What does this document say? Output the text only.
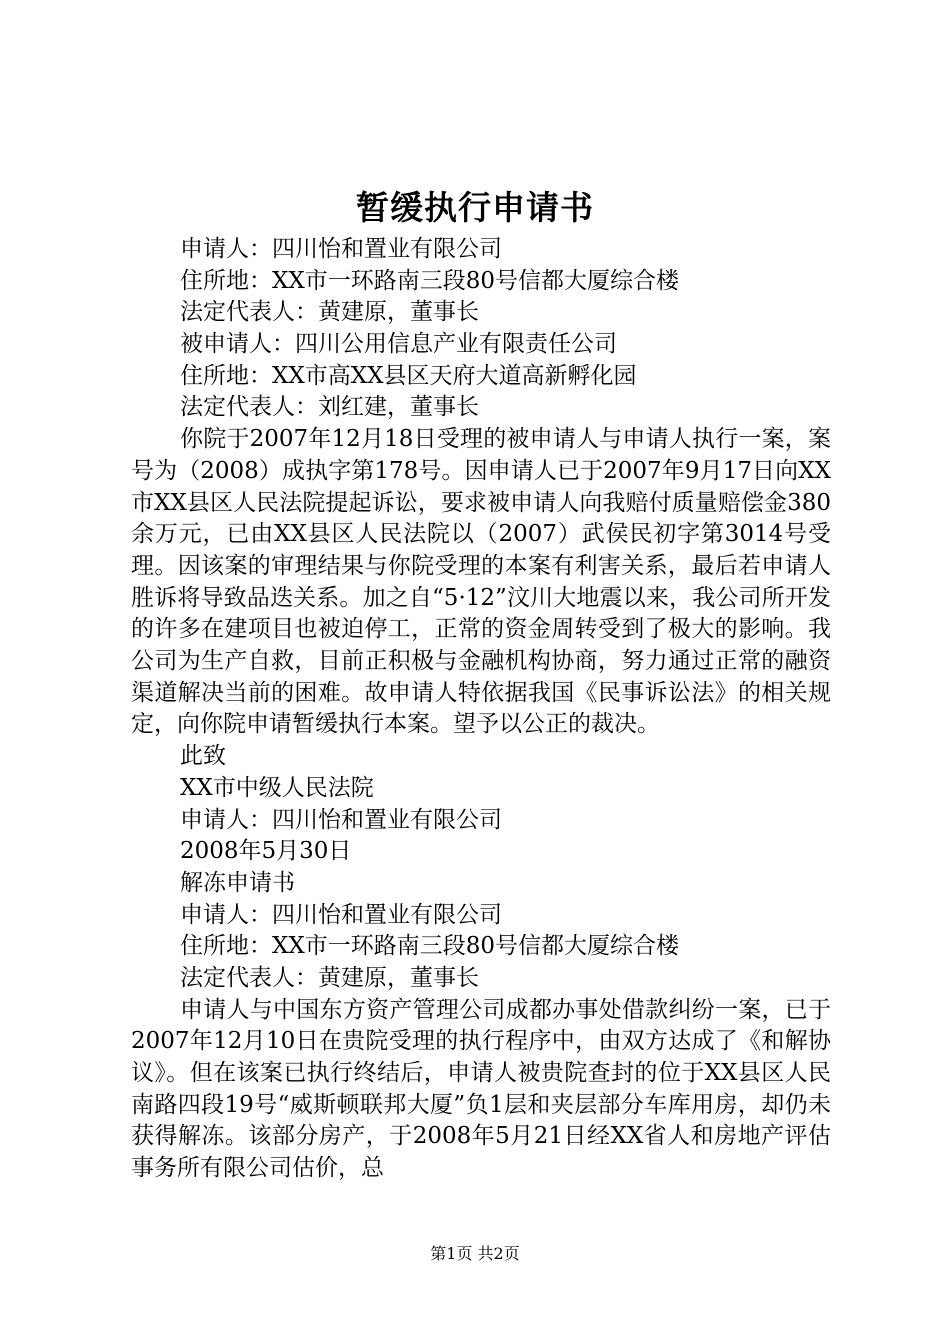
暂缓执行申请书
申请人：四川怡和置业有限公司
住所地：XX市一环路南三段80号信都大厦综合楼
法定代表人：黄建原，董事长
被申请人：四川公用信息产业有限责任公司
住所地：XX市高XX县区天府大道高新孵化园
法定代表人：刘红建，董事长

你院于2007年12月18日受理的被申请人与申请人执行一案，案号为（2008）成执字第178号。因申请人已于2007年9月17日向XX市XX县区人民法院提起诉讼，要求被申请人向我赔付质量赔偿金380余万元，已由XX县区人民法院以（2007）武侯民初字第3014号受理。因该案的审理结果与你院受理的本案有利害关系，最后若申请人胜诉将导致品迭关系。加之自“5·12”汶川大地震以来，我公司所开发的许多在建项目也被迫停工，正常的资金周转受到了极大的影响。我公司为生产自救，目前正积极与金融机构协商，努力通过正常的融资渠道解决当前的困难。故申请人特依据我国《民事诉讼法》的相关规定，向你院申请暂缓执行本案。望予以公正的裁决。

此致
XX市中级人民法院
申请人：四川怡和置业有限公司
2008年5月30日
解冻申请书
申请人：四川怡和置业有限公司
住所地：XX市一环路南三段80号信都大厦综合楼
法定代表人：黄建原，董事长

申请人与中国东方资产管理公司成都办事处借款纠纷一案，已于2007年12月10日在贵院受理的执行程序中，由双方达成了《和解协议》。但在该案已执行终结后，申请人被贵院查封的位于XX县区人民南路四段19号“威斯顿联邦大厦”负1层和夹层部分车库用房，却仍未获得解冻。该部分房产，于2008年5月21日经XX省人和房地产评估事务所有限公司估价，总

第1页 共2页
